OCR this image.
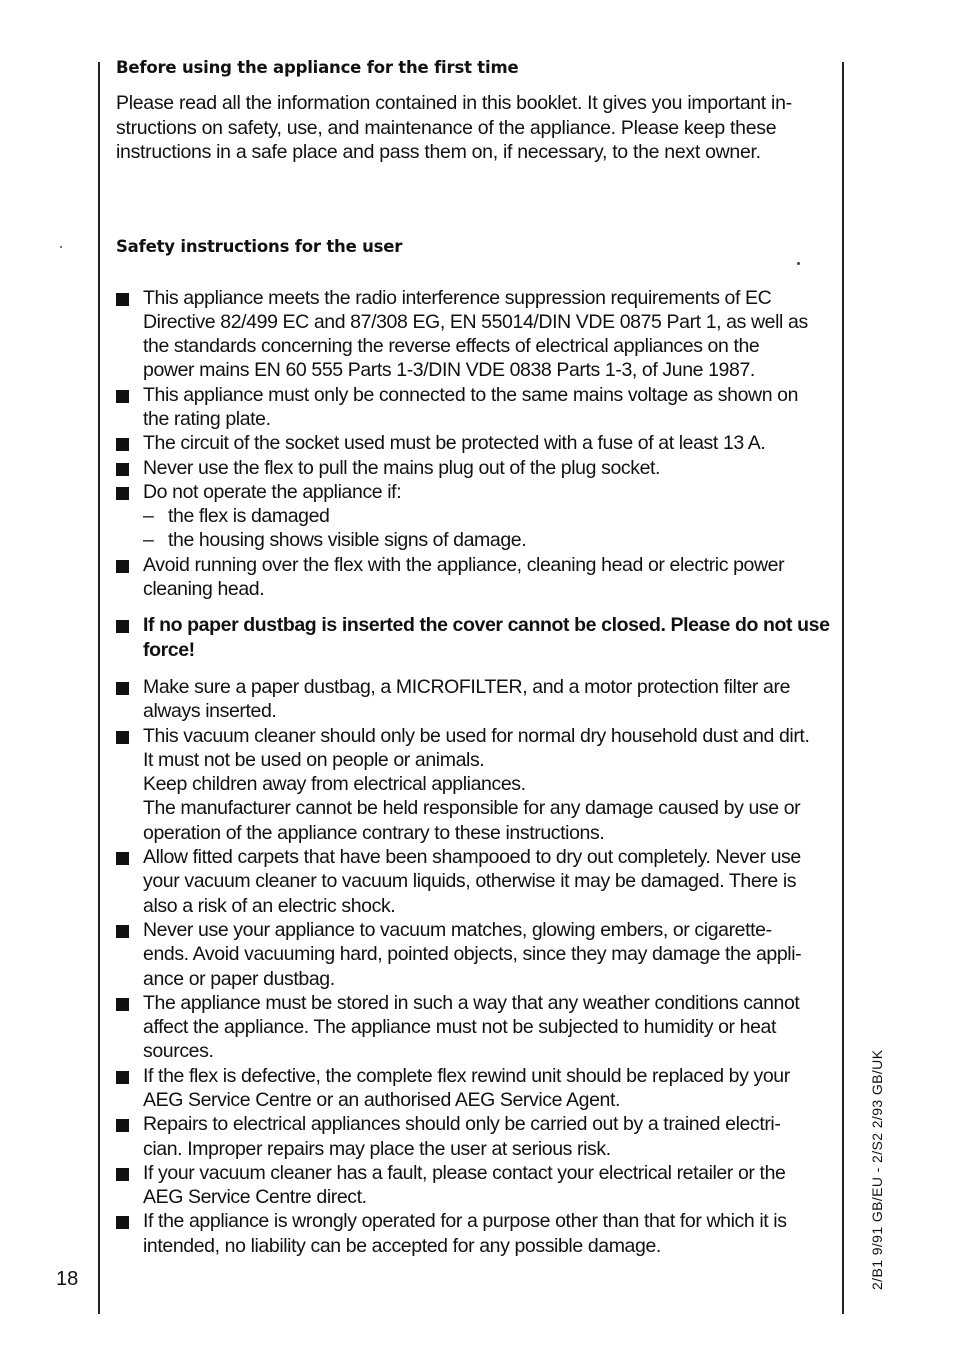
Before using the appliance for the first time

Please read all the information contained in this booklet. It gives you important in-
structions on safety, use, and maintenance of the appliance. Please keep these
instructions in a safe place and pass them on, if necessary, to the next owner.

Safety instructions for the user
This appliance meets the radio interference suppression requirements of EC
Directive 82/499 EC and 87/308 EG, EN 55014/DIN VDE 0875 Part 1, as well as
the standards concerning the reverse effects of electrical appliances on the
power mains EN 60 555 Parts 1-3/DIN VDE 0838 Parts 1-3, of June 1987.
This appliance must only be connected to the same mains voltage as shown on
the rating plate.
The circuit of the socket used must be protected with a fuse of at least 13 A.
Never use the flex to pull the mains plug out of the plug socket.
Do not operate the appliance if:
– the flex is damaged
– the housing shows visible signs of damage.
Avoid running over the flex with the appliance, cleaning head or electric power
cleaning head.
If no paper dustbag is inserted the cover cannot be closed. Please do not use
force!
Make sure a paper dustbag, a MICROFILTER, and a motor protection filter are
always inserted.
This vacuum cleaner should only be used for normal dry household dust and dirt.
It must not be used on people or animals.
Keep children away from electrical appliances.
The manufacturer cannot be held responsible for any damage caused by use or
operation of the appliance contrary to these instructions.
Allow fitted carpets that have been shampooed to dry out completely. Never use
your vacuum cleaner to vacuum liquids, otherwise it may be damaged. There is
also a risk of an electric shock.
Never use your appliance to vacuum matches, glowing embers, or cigarette-
ends. Avoid vacuuming hard, pointed objects, since they may damage the appli-
ance or paper dustbag.
The appliance must be stored in such a way that any weather conditions cannot
affect the appliance. The appliance must not be subjected to humidity or heat
sources.
If the flex is defective, the complete flex rewind unit should be replaced by your
AEG Service Centre or an authorised AEG Service Agent.
Repairs to electrical appliances should only be carried out by a trained electri-
cian. Improper repairs may place the user at serious risk.
If your vacuum cleaner has a fault, please contact your electrical retailer or the
AEG Service Centre direct.
If the appliance is wrongly operated for a purpose other than that for which it is
intended, no liability can be accepted for any possible damage.
18	2/B1 9/91 GB/EU - 2/S2 2/93 GB/UK
